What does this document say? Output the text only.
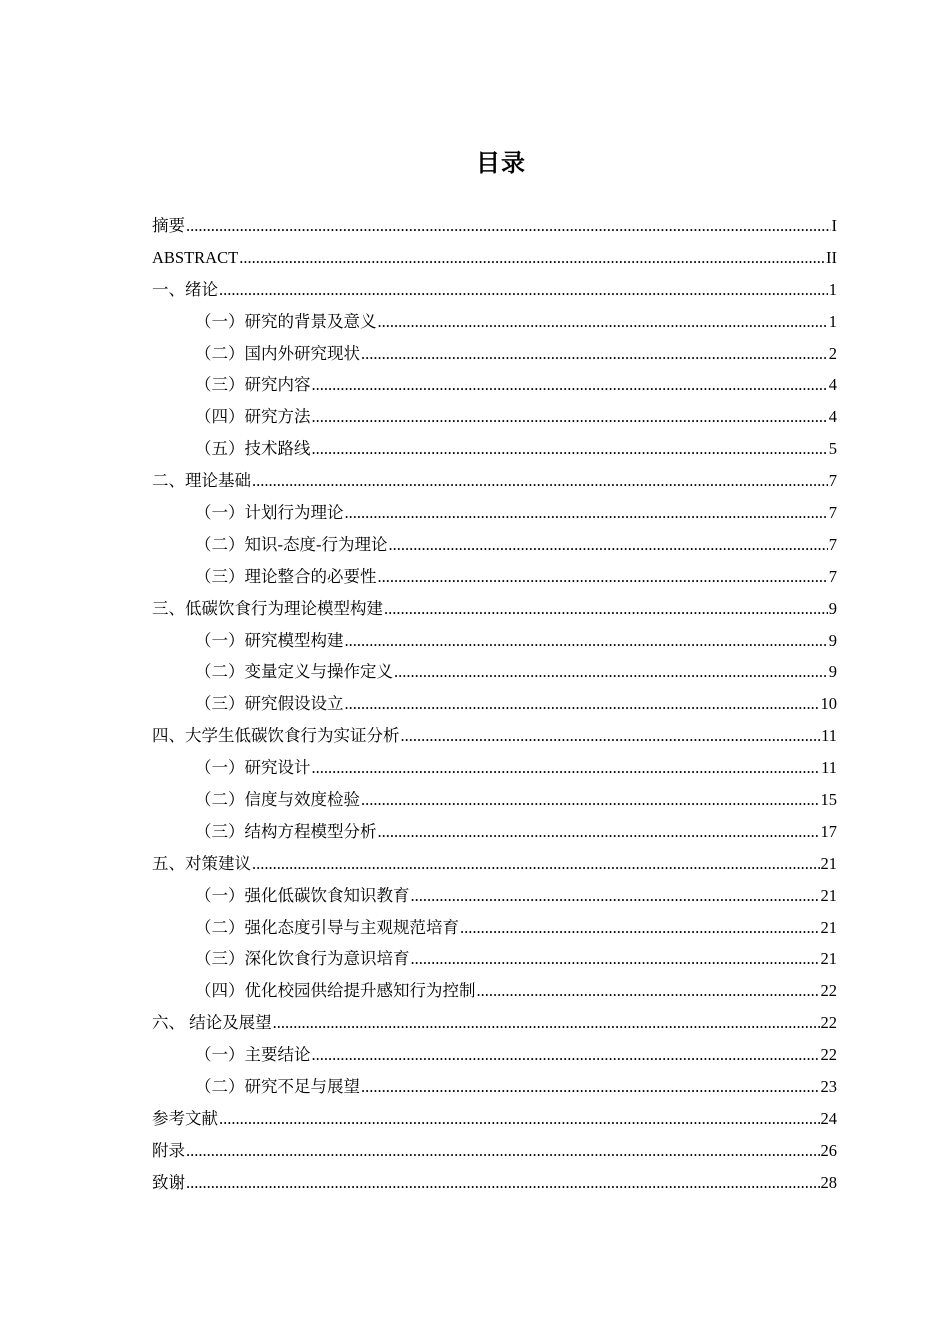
目录
摘要 .....	I
ABSTRACT .....	II
一、绪论 .....	1
（一）研究的背景及意义 .....	1
（二）国内外研究现状 .....	2
（三）研究内容 .....	4
（四）研究方法 .....	4
（五）技术路线 .....	5
二、理论基础 .....	7
（一）计划行为理论 .....	7
（二）知识-态度-行为理论 .....	7
（三）理论整合的必要性 .....	7
三、低碳饮食行为理论模型构建 .....	9
（一）研究模型构建 .....	9
（二）变量定义与操作定义 .....	9
（三）研究假设设立 .....	10
四、大学生低碳饮食行为实证分析 .....	11
（一）研究设计 .....	11
（二）信度与效度检验 .....	15
（三）结构方程模型分析 .....	17
五、对策建议 .....	21
（一）强化低碳饮食知识教育 .....	21
（二）强化态度引导与主观规范培育 .....	21
（三）深化饮食行为意识培育 .....	21
（四）优化校园供给提升感知行为控制 .....	22
六、 结论及展望 .....	22
（一）主要结论 .....	22
（二）研究不足与展望 .....	23
参考文献 .....	24
附录 .....	26
致谢 .....	28
